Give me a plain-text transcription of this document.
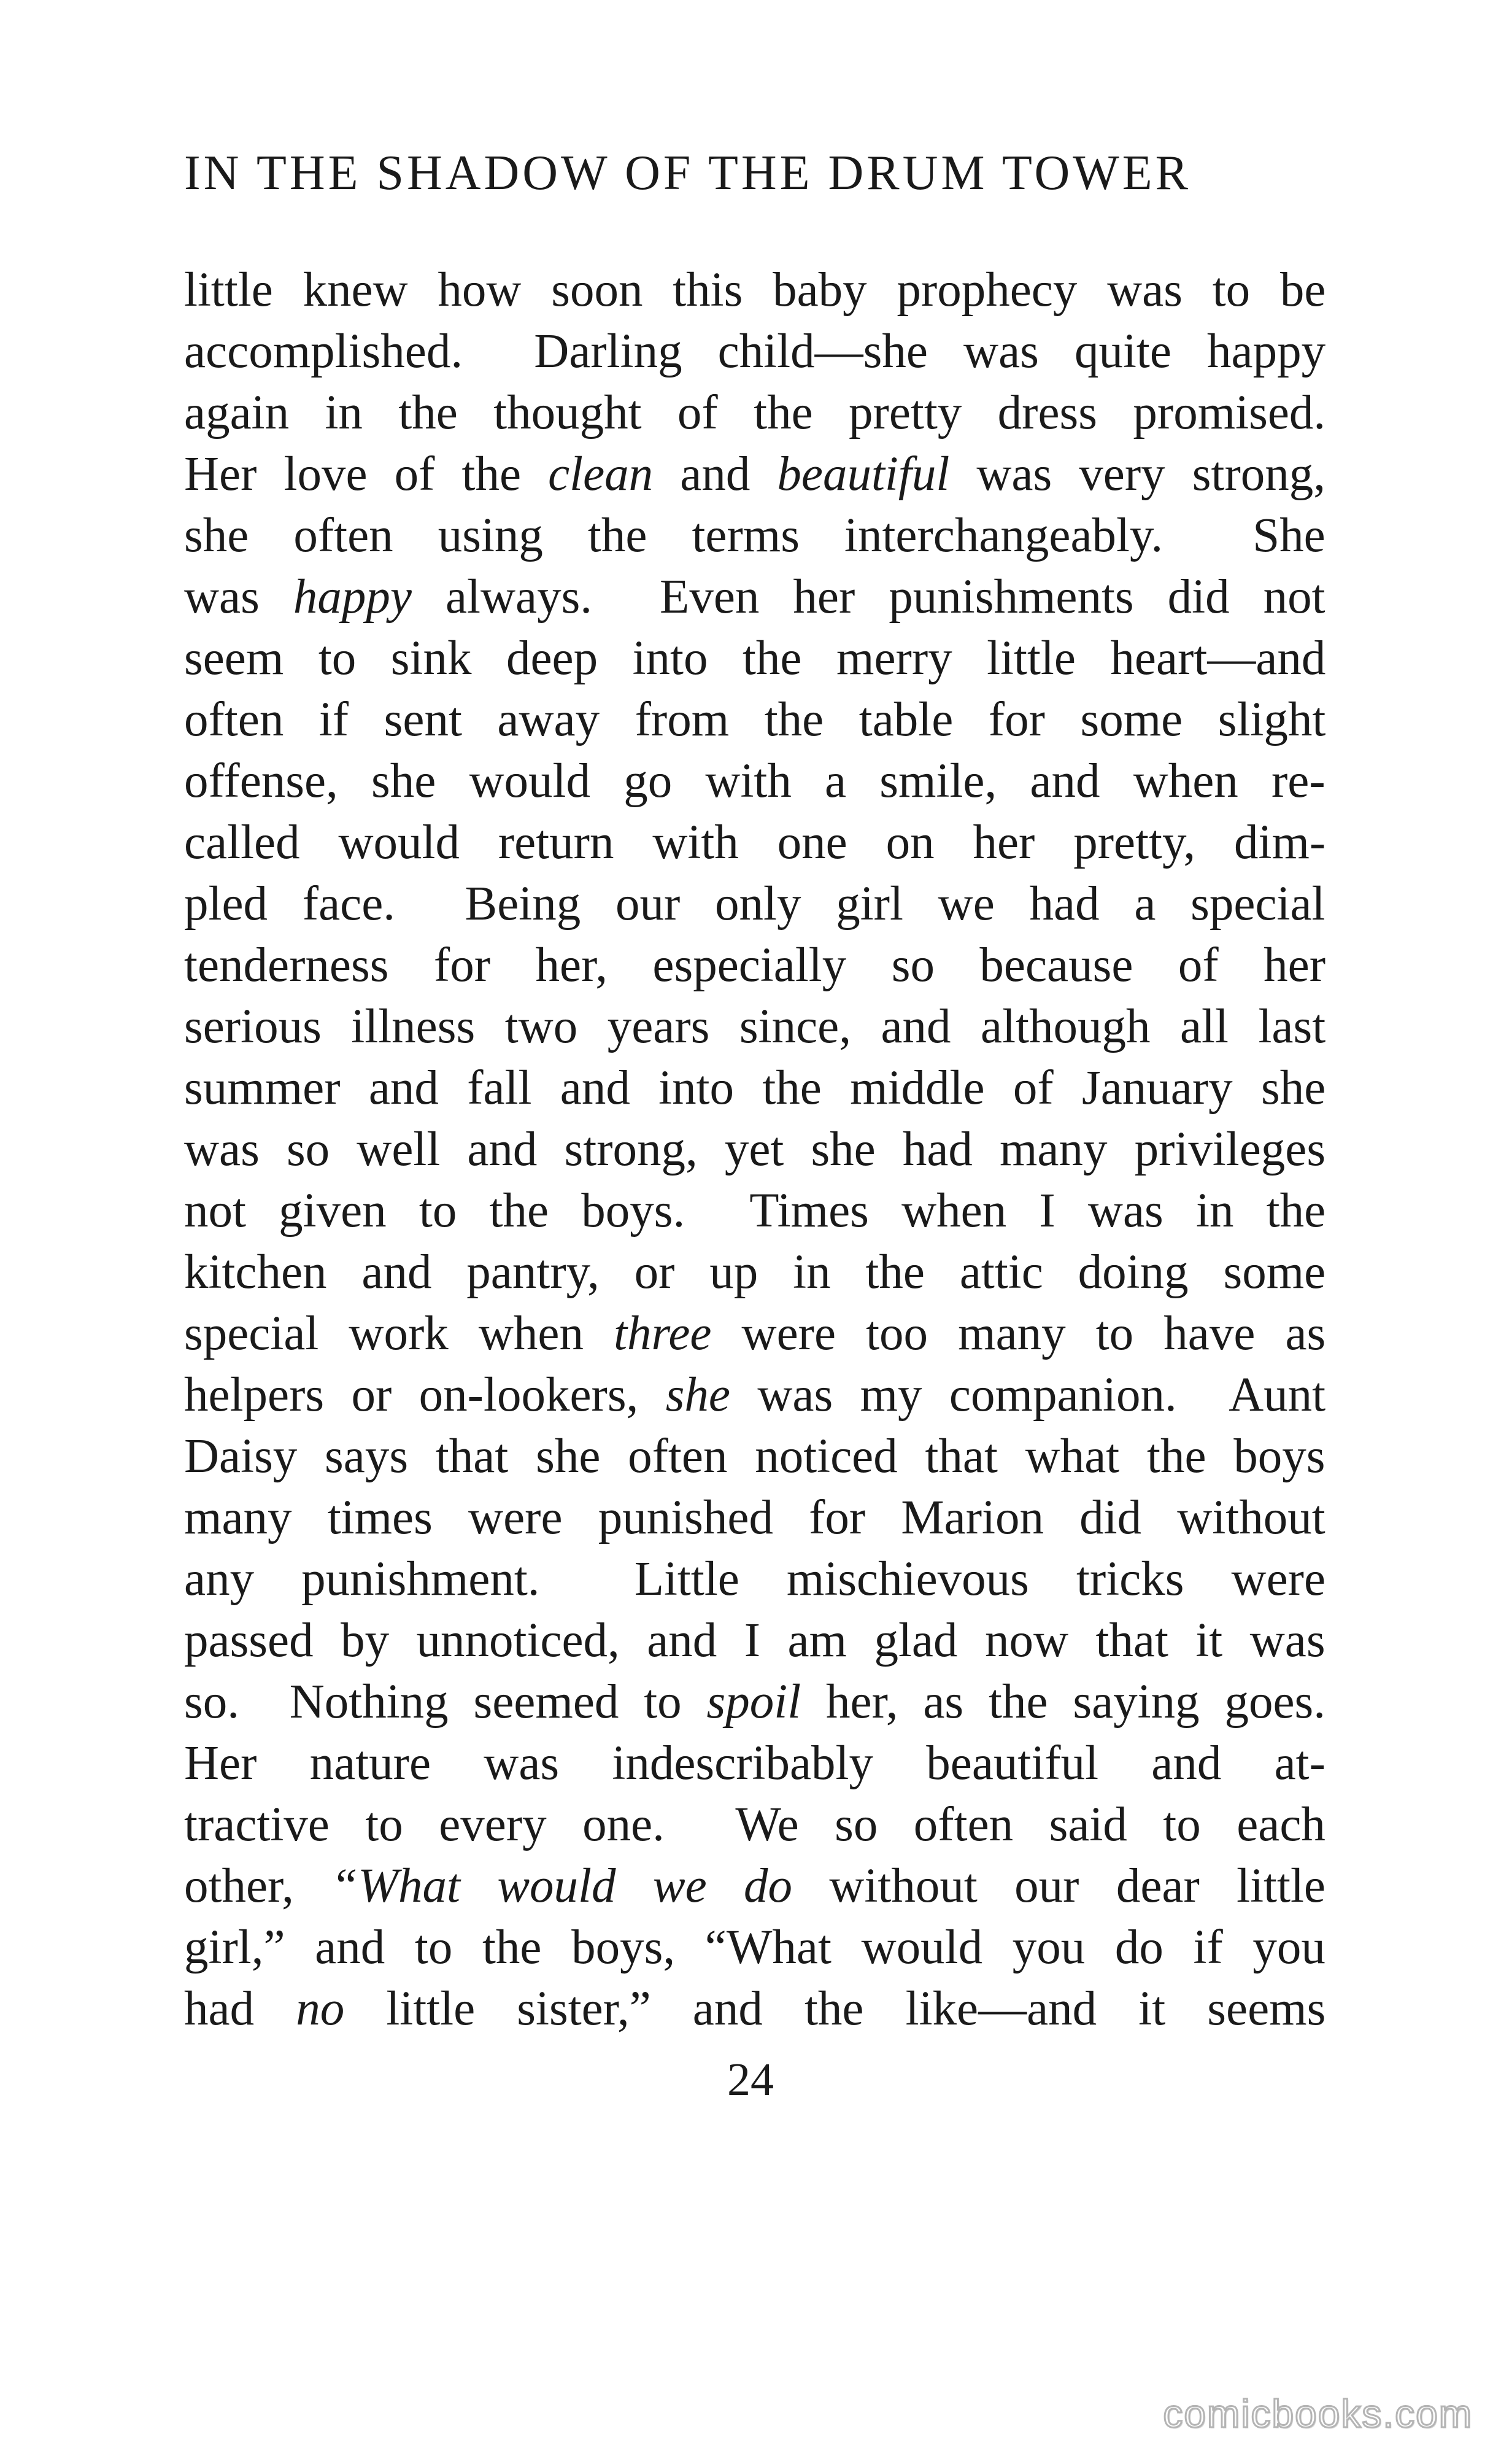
IN THE SHADOW OF THE DRUM TOWER
little knew how soon this baby prophecy was to be
accomplished.  Darling child—she was quite happy
again in the thought of the pretty dress promised.
Her love of the clean and beautiful was very strong,
she often using the terms interchangeably.  She
was happy always.  Even her punishments did not
seem to sink deep into the merry little heart—and
often if sent away from the table for some slight
offense, she would go with a smile, and when re-
called would return with one on her pretty, dim-
pled face.  Being our only girl we had a special
tenderness for her, especially so because of her
serious illness two years since, and although all last
summer and fall and into the middle of January she
was so well and strong, yet she had many privileges
not given to the boys.  Times when I was in the
kitchen and pantry, or up in the attic doing some
special work when three were too many to have as
helpers or on-lookers, she was my companion.  Aunt
Daisy says that she often noticed that what the boys
many times were punished for Marion did without
any punishment.  Little mischievous tricks were
passed by unnoticed, and I am glad now that it was
so.  Nothing seemed to spoil her, as the saying goes.
Her nature was indescribably beautiful and at-
tractive to every one.  We so often said to each
other, “What would we do without our dear little
girl,” and to the boys, “What would you do if you
had no little sister,” and the like—and it seems
24
comicbooks.com
